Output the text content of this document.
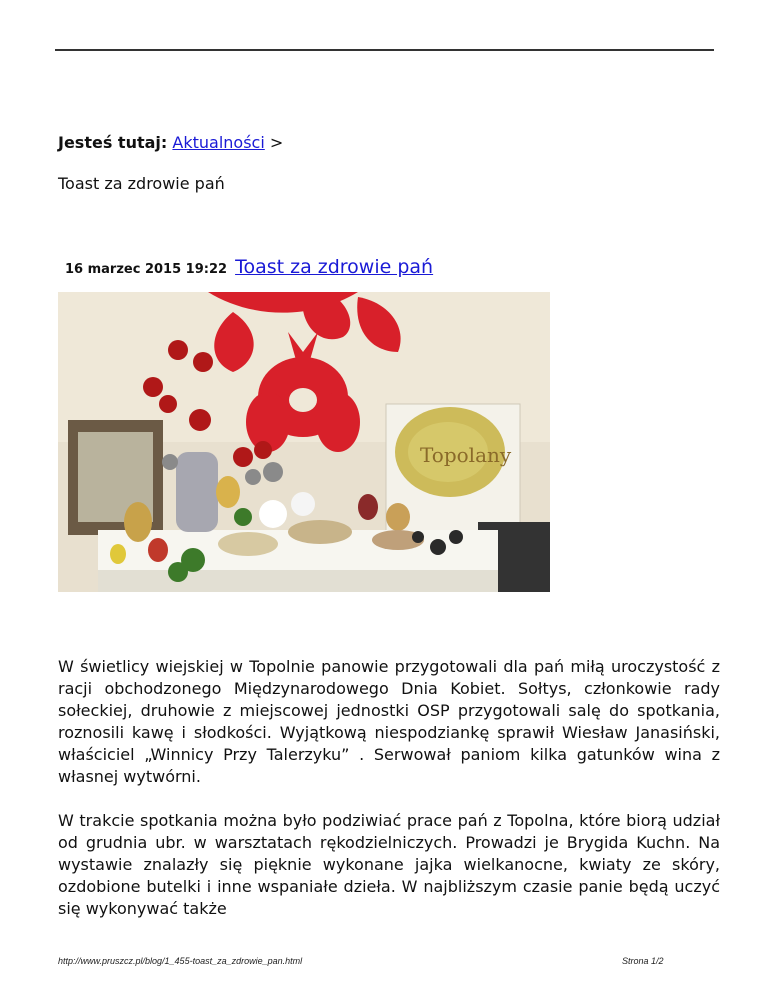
Jesteś tutaj: Aktualności >
Toast za zdrowie pań
16 marzec 2015 19:22 Toast za zdrowie pań
Topolany

W świetlicy wiejskiej w Topolnie panowie przygotowali dla pań miłą uroczystość z racji obchodzonego Międzynarodowego Dnia Kobiet. Sołtys, członkowie rady sołeckiej, druhowie z miejscowej jednostki OSP przygotowali salę do spotkania, roznosili kawę i słodkości. Wyjątkową niespodziankę sprawił Wiesław Janasiński, właściciel „Winnicy Przy Talerzyku” . Serwował paniom kilka gatunków wina z własnej wytwórni.

W trakcie spotkania można było podziwiać prace pań z Topolna, które biorą udział od grudnia ubr. w warsztatach rękodzielniczych. Prowadzi je Brygida Kuchn. Na wystawie znalazły się pięknie wykonane jajka wielkanocne, kwiaty ze skóry, ozdobione butelki i inne wspaniałe dzieła. W najbliższym czasie panie będą uczyć się wykonywać także

http://www.pruszcz.pl/blog/1_455-toast_za_zdrowie_pan.html	Strona 1/2
